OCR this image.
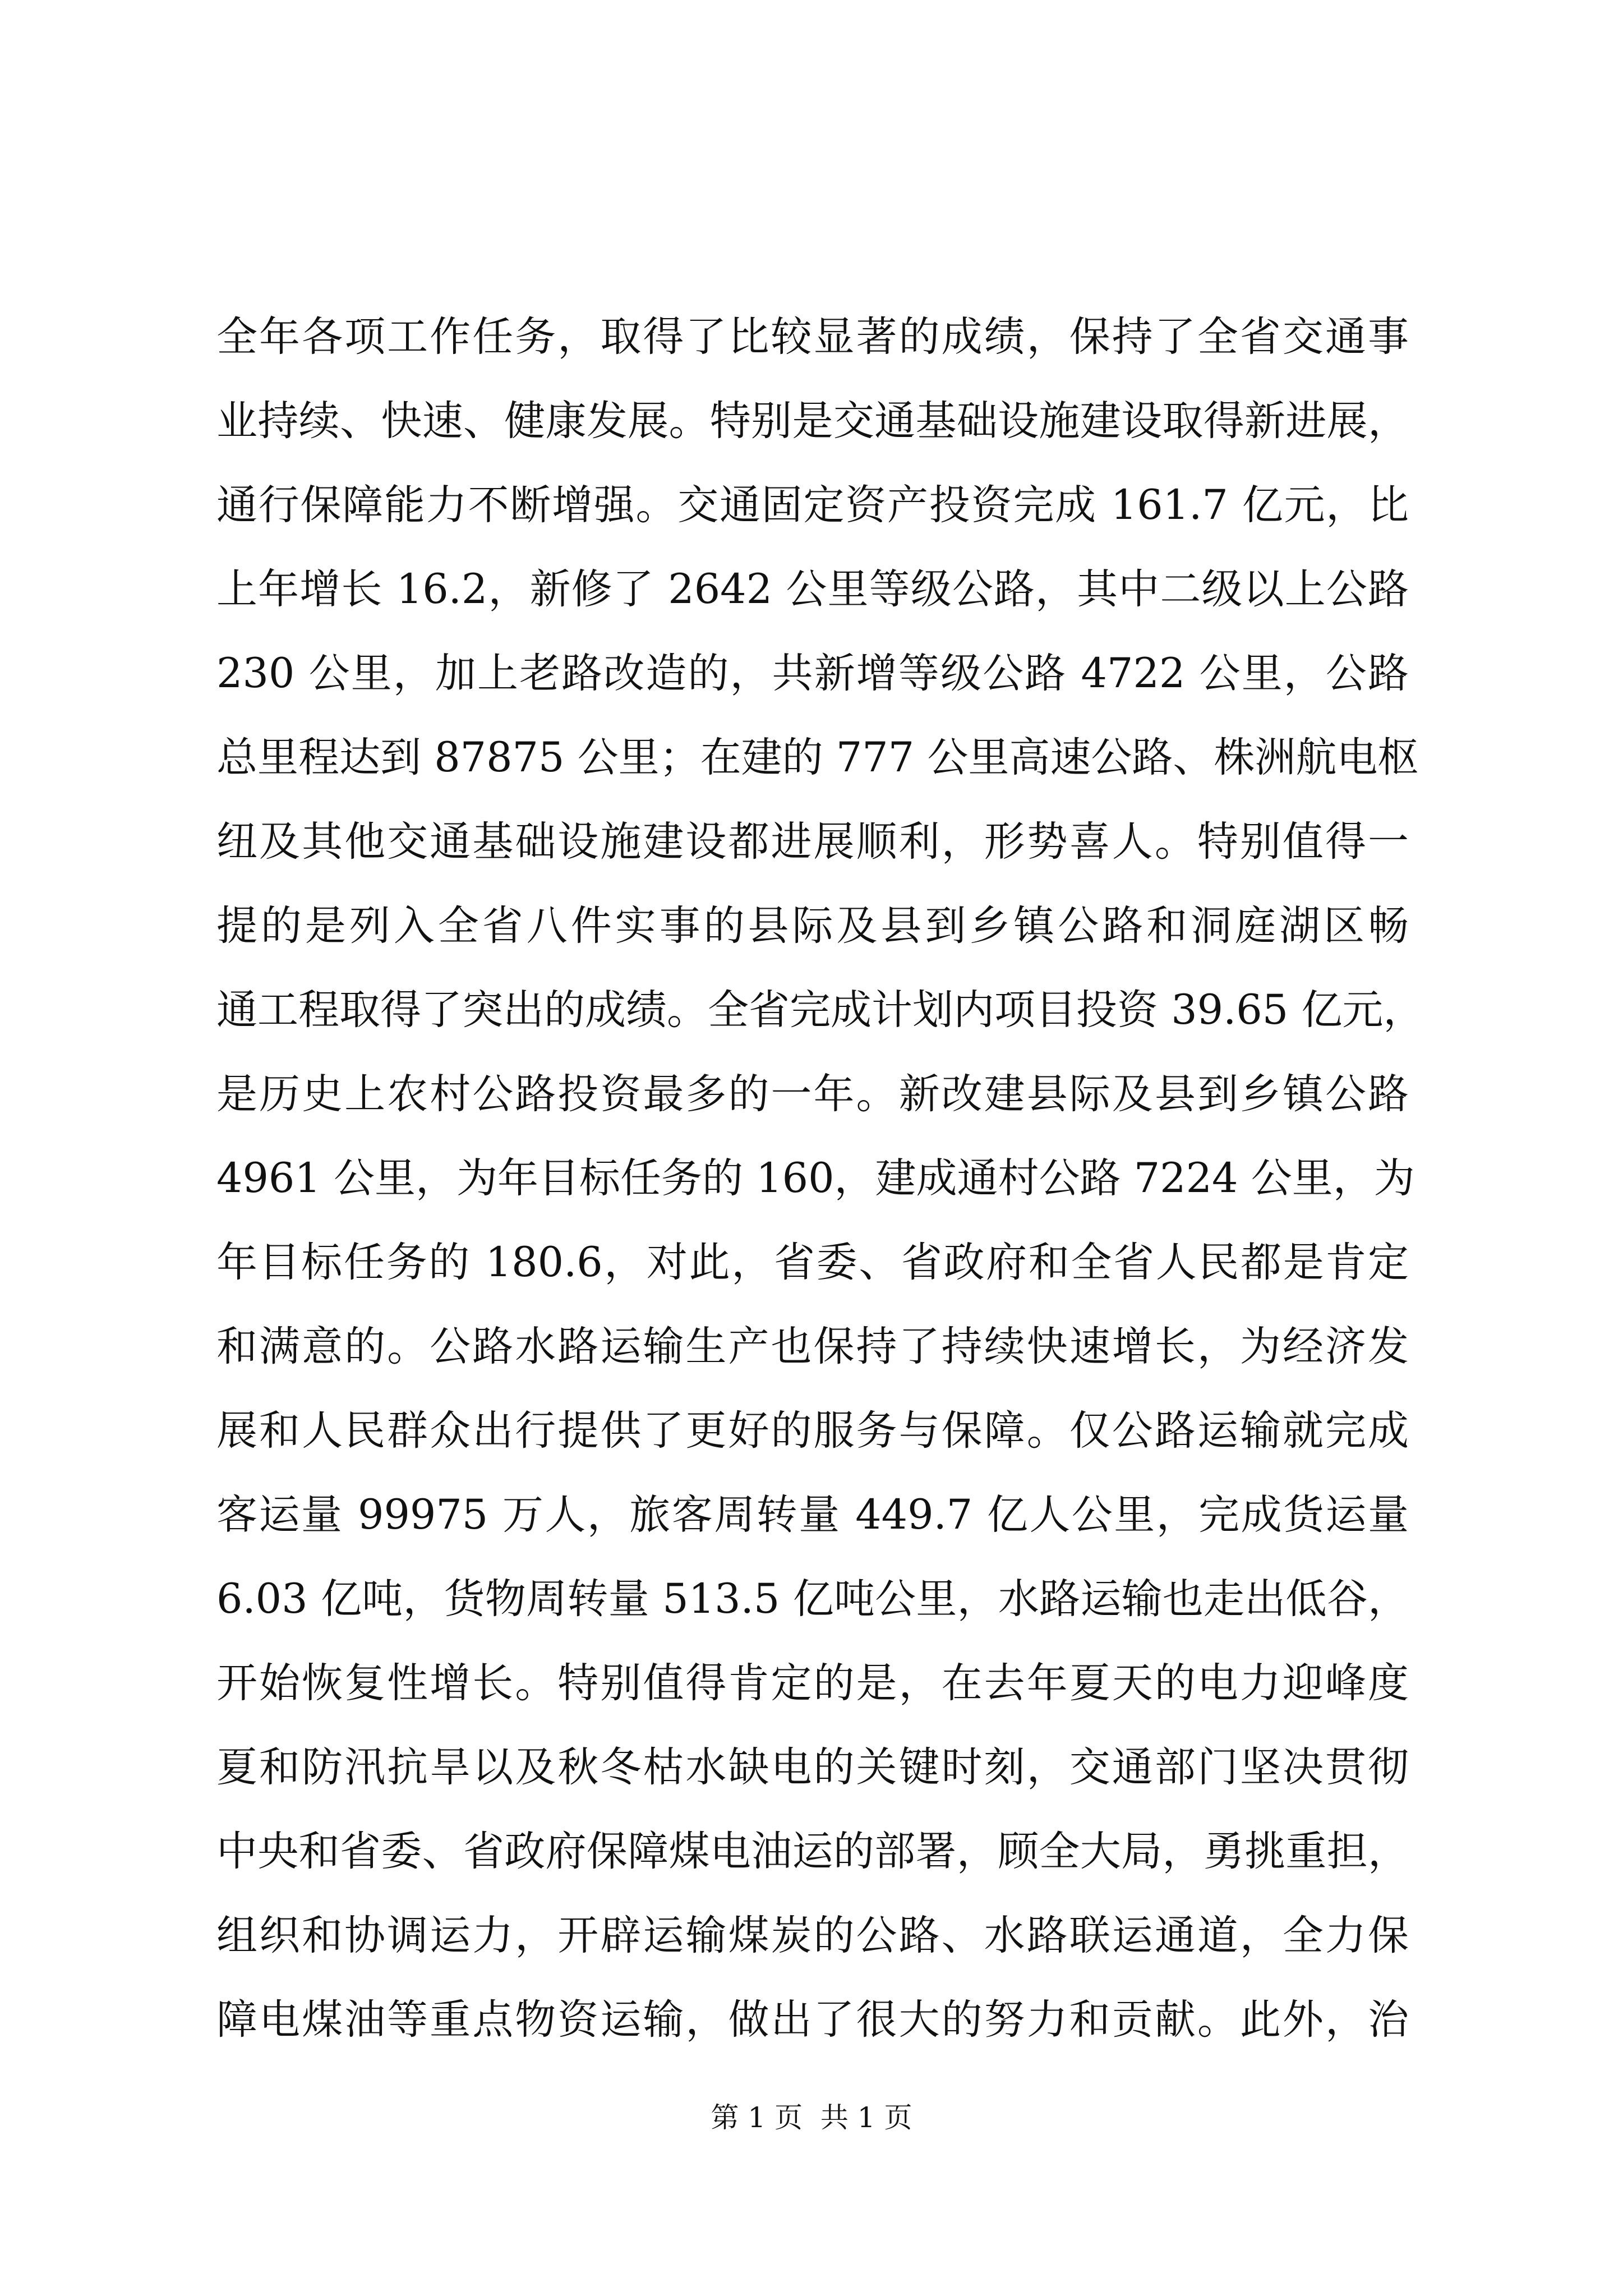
全年各项工作任务，取得了比较显著的成绩，保持了全省交通事
业持续、快速、健康发展。特别是交通基础设施建设取得新进展，
通行保障能力不断增强。交通固定资产投资完成 161.7 亿元，比
上年增长 16.2，新修了 2642 公里等级公路，其中二级以上公路
230 公里，加上老路改造的，共新增等级公路 4722 公里，公路
总里程达到 87875 公里；在建的 777 公里高速公路、株洲航电枢
纽及其他交通基础设施建设都进展顺利，形势喜人。特别值得一
提的是列入全省八件实事的县际及县到乡镇公路和洞庭湖区畅
通工程取得了突出的成绩。全省完成计划内项目投资 39.65 亿元，
是历史上农村公路投资最多的一年。新改建县际及县到乡镇公路
4961 公里，为年目标任务的 160，建成通村公路 7224 公里，为
年目标任务的 180.6，对此，省委、省政府和全省人民都是肯定
和满意的。公路水路运输生产也保持了持续快速增长，为经济发
展和人民群众出行提供了更好的服务与保障。仅公路运输就完成
客运量 99975 万人，旅客周转量 449.7 亿人公里，完成货运量
6.03 亿吨，货物周转量 513.5 亿吨公里，水路运输也走出低谷，
开始恢复性增长。特别值得肯定的是，在去年夏天的电力迎峰度
夏和防汛抗旱以及秋冬枯水缺电的关键时刻，交通部门坚决贯彻
中央和省委、省政府保障煤电油运的部署，顾全大局，勇挑重担，
组织和协调运力，开辟运输煤炭的公路、水路联运通道，全力保
障电煤油等重点物资运输，做出了很大的努力和贡献。此外，治
第 1 页  共 1 页
